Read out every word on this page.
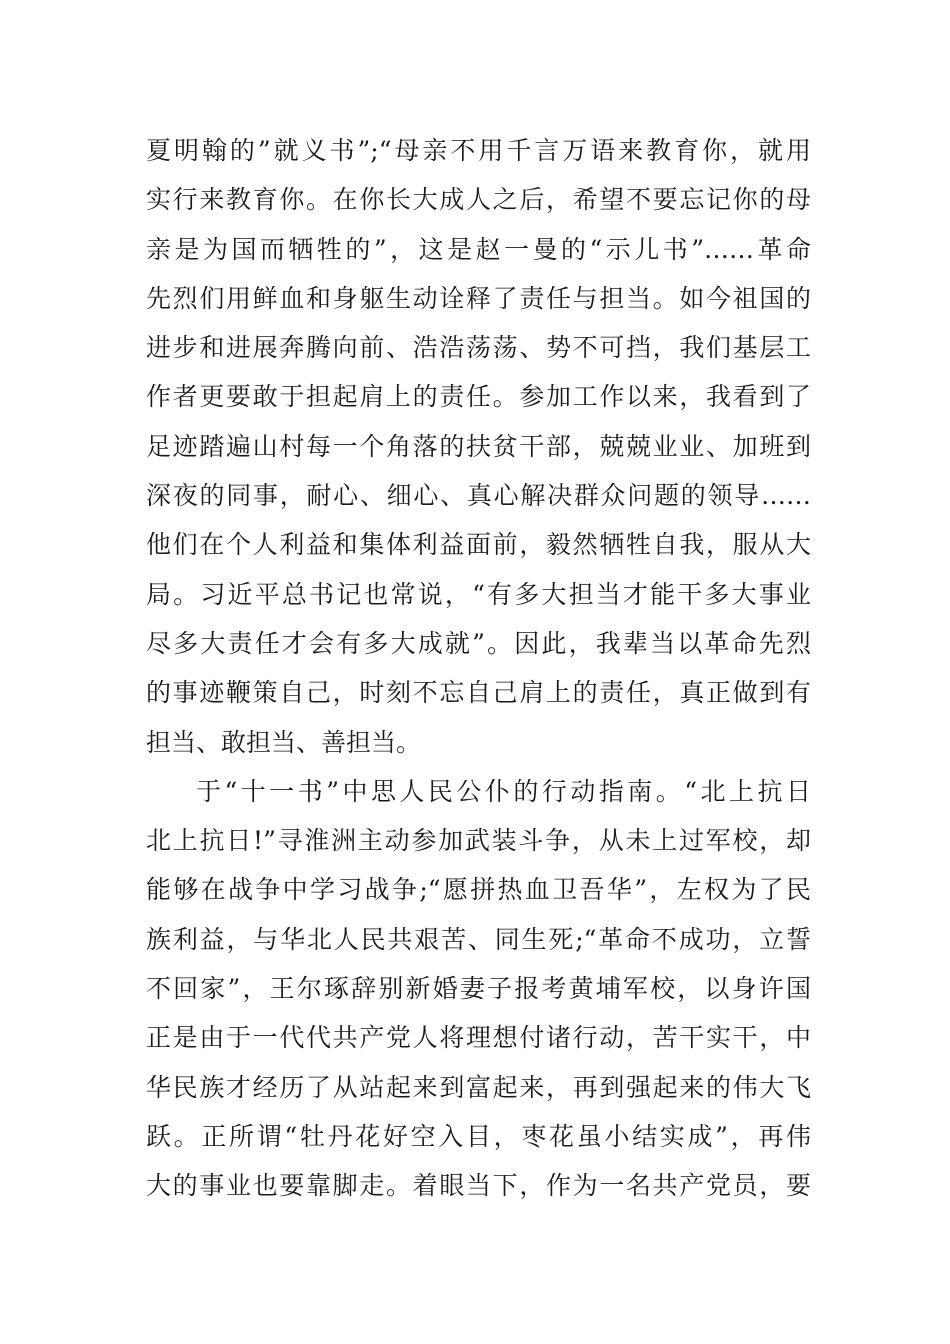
夏明翰的”就义书”;“母亲不用千言万语来教育你，就用
实行来教育你。在你长大成人之后，希望不要忘记你的母
亲是为国而牺牲的”，这是赵一曼的“示儿书”……革命
先烈们用鲜血和身躯生动诠释了责任与担当。如今祖国的
进步和进展奔腾向前、浩浩荡荡、势不可挡，我们基层工
作者更要敢于担起肩上的责任。参加工作以来，我看到了
足迹踏遍山村每一个角落的扶贫干部，兢兢业业、加班到
深夜的同事，耐心、细心、真心解决群众问题的领导……
他们在个人利益和集体利益面前，毅然牺牲自我，服从大
局。习近平总书记也常说，“有多大担当才能干多大事业
尽多大责任才会有多大成就”。因此，我辈当以革命先烈
的事迹鞭策自己，时刻不忘自己肩上的责任，真正做到有
担当、敢担当、善担当。
于“十一书”中思人民公仆的行动指南。“北上抗日
北上抗日!”寻淮洲主动参加武装斗争，从未上过军校，却
能够在战争中学习战争;“愿拼热血卫吾华”，左权为了民
族利益，与华北人民共艰苦、同生死;“革命不成功，立誓
不回家”，王尔琢辞别新婚妻子报考黄埔军校，以身许国
正是由于一代代共产党人将理想付诸行动，苦干实干，中
华民族才经历了从站起来到富起来，再到强起来的伟大飞
跃。正所谓“牡丹花好空入目，枣花虽小结实成”，再伟
大的事业也要靠脚走。着眼当下，作为一名共产党员，要
